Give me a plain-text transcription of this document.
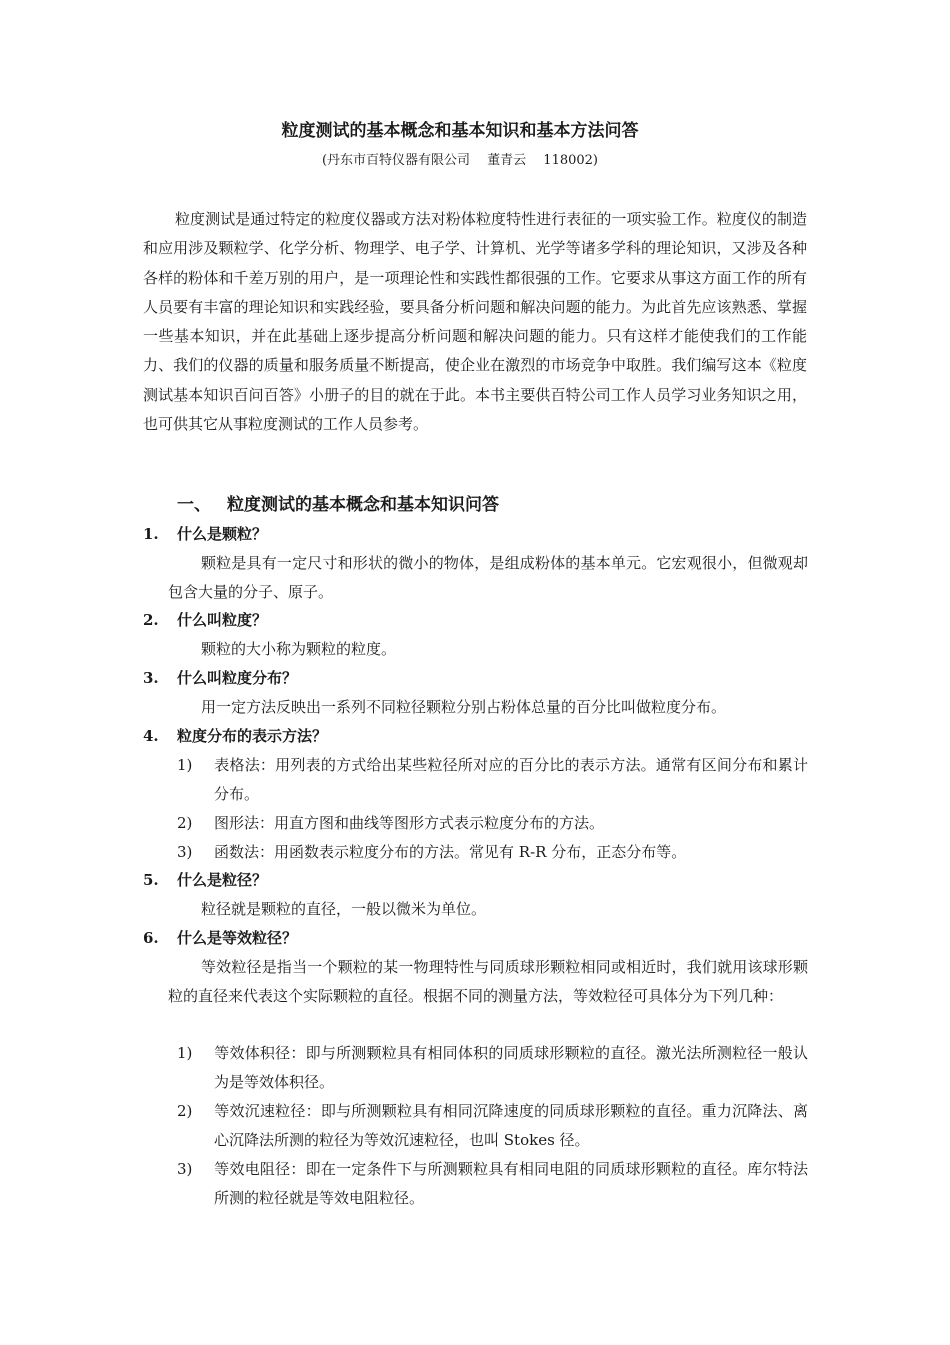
粒度测试的基本概念和基本知识和基本方法问答
(丹东市百特仪器有限公司　 董青云　 118002)

粒度测试是通过特定的粒度仪器或方法对粉体粒度特性进行表征的一项实验工作。粒度仪的制造和应用涉及颗粒学、化学分析、物理学、电子学、计算机、光学等诸多学科的理论知识，又涉及各种各样的粉体和千差万别的用户，是一项理论性和实践性都很强的工作。它要求从事这方面工作的所有人员要有丰富的理论知识和实践经验，要具备分析问题和解决问题的能力。为此首先应该熟悉、掌握一些基本知识，并在此基础上逐步提高分析问题和解决问题的能力。只有这样才能使我们的工作能力、我们的仪器的质量和服务质量不断提高，使企业在激烈的市场竞争中取胜。我们编写这本《粒度测试基本知识百问百答》小册子的目的就在于此。本书主要供百特公司工作人员学习业务知识之用，也可供其它从事粒度测试的工作人员参考。

一、 粒度测试的基本概念和基本知识问答
1. 什么是颗粒？

颗粒是具有一定尺寸和形状的微小的物体，是组成粉体的基本单元。它宏观很小，但微观却包含大量的分子、原子。

2. 什么叫粒度？

颗粒的大小称为颗粒的粒度。

3. 什么叫粒度分布？

用一定方法反映出一系列不同粒径颗粒分别占粉体总量的百分比叫做粒度分布。

4. 粒度分布的表示方法？
1) 表格法：用列表的方式给出某些粒径所对应的百分比的表示方法。通常有区间分布和累计分布。
2) 图形法：用直方图和曲线等图形方式表示粒度分布的方法。
3) 函数法：用函数表示粒度分布的方法。常见有 R-R 分布，正态分布等。
5. 什么是粒径？

粒径就是颗粒的直径，一般以微米为单位。

6. 什么是等效粒径？

等效粒径是指当一个颗粒的某一物理特性与同质球形颗粒相同或相近时，我们就用该球形颗粒的直径来代表这个实际颗粒的直径。根据不同的测量方法，等效粒径可具体分为下列几种：

1) 等效体积径：即与所测颗粒具有相同体积的同质球形颗粒的直径。激光法所测粒径一般认为是等效体积径。
2) 等效沉速粒径：即与所测颗粒具有相同沉降速度的同质球形颗粒的直径。重力沉降法、离心沉降法所测的粒径为等效沉速粒径，也叫 Stokes 径。
3) 等效电阻径：即在一定条件下与所测颗粒具有相同电阻的同质球形颗粒的直径。库尔特法所测的粒径就是等效电阻粒径。
